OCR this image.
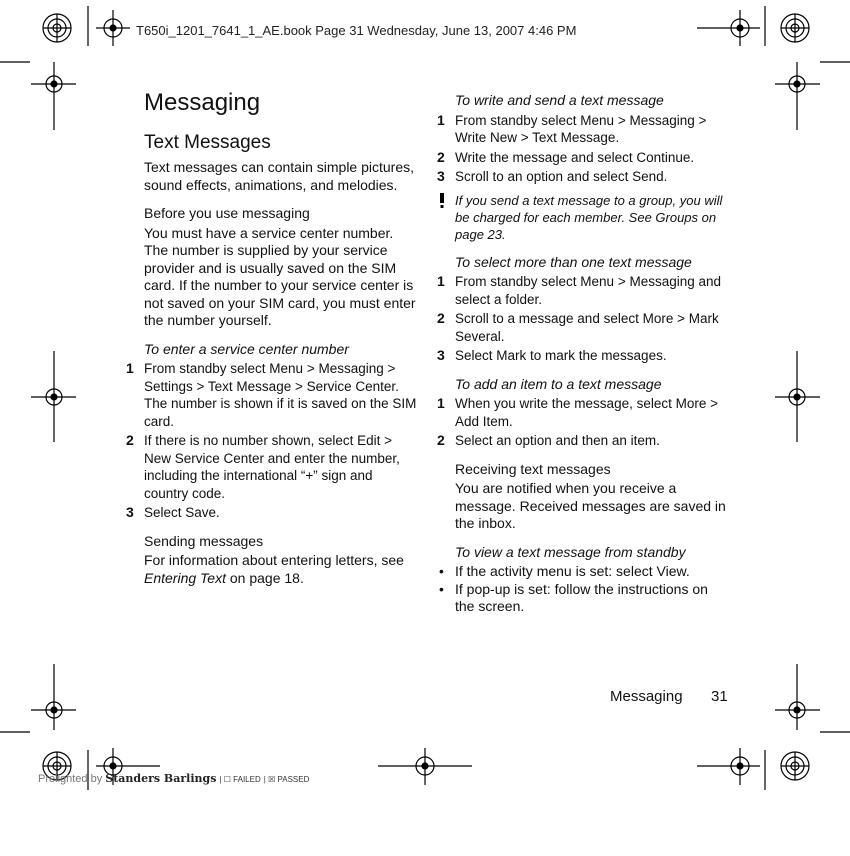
T650i_1201_7641_1_AE.book Page 31 Wednesday, June 13, 2007 4:46 PM
Messaging
Text Messages

Text messages can contain simple pictures, sound effects, animations, and melodies.

Before you use messaging

You must have a service center number. The number is supplied by your service provider and is usually saved on the SIM card. If the number to your service center is not saved on your SIM card, you must enter the number yourself.

To enter a service center number
1 From standby select Menu > Messaging > Settings > Text Message > Service Center. The number is shown if it is saved on the SIM card.
2 If there is no number shown, select Edit > New Service Center and enter the number, including the international “+” sign and country code.
3 Select Save.
Sending messages

For information about entering letters, see Entering Text on page 18.

To write and send a text message
1 From standby select Menu > Messaging > Write New > Text Message.
2 Write the message and select Continue.
3 Scroll to an option and select Send.
If you send a text message to a group, you will be charged for each member. See Groups on page 23.
To select more than one text message
1 From standby select Menu > Messaging and select a folder.
2 Scroll to a message and select More > Mark Several.
3 Select Mark to mark the messages.
To add an item to a text message
1 When you write the message, select More > Add Item.
2 Select an option and then an item.
Receiving text messages

You are notified when you receive a message. Received messages are saved in the inbox.

To view a text message from standby
• If the activity menu is set: select View.
• If pop-up is set: follow the instructions on the screen.
Messaging 31
Prelighted by Standers Barlings | ☐ FAILED | ☒ PASSED
